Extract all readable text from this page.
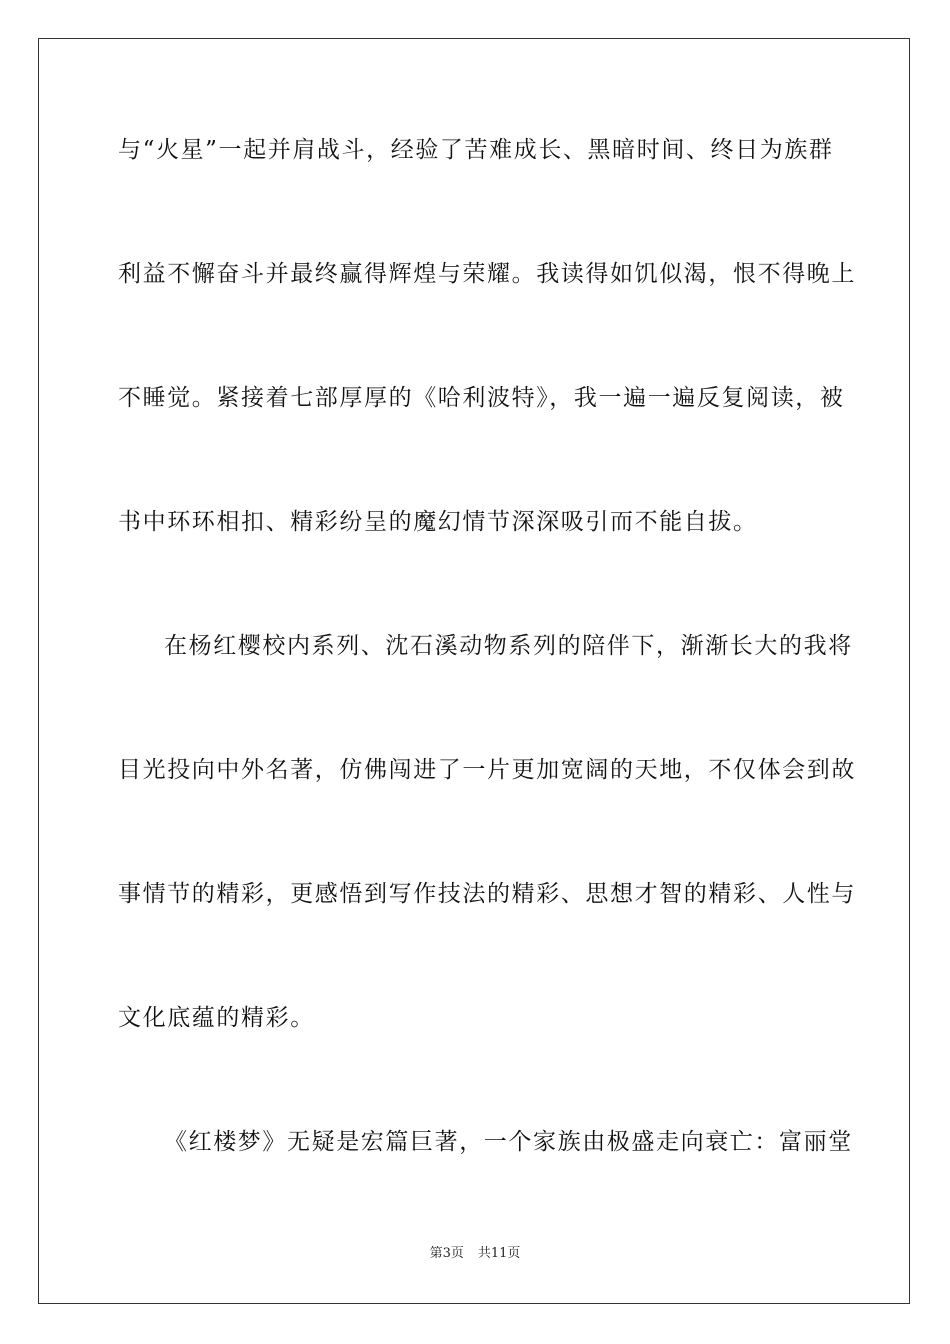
与“火星”一起并肩战斗，经验了苦难成长、黑暗时间、终日为族群
利益不懈奋斗并最终赢得辉煌与荣耀。我读得如饥似渴，恨不得晚上
不睡觉。紧接着七部厚厚的《哈利波特》，我一遍一遍反复阅读，被
书中环环相扣、精彩纷呈的魔幻情节深深吸引而不能自拔。
在杨红樱校内系列、沈石溪动物系列的陪伴下，渐渐长大的我将
目光投向中外名著，仿佛闯进了一片更加宽阔的天地，不仅体会到故
事情节的精彩，更感悟到写作技法的精彩、思想才智的精彩、人性与
文化底蕴的精彩。
《红楼梦》无疑是宏篇巨著，一个家族由极盛走向衰亡：富丽堂
第3页 共11页
